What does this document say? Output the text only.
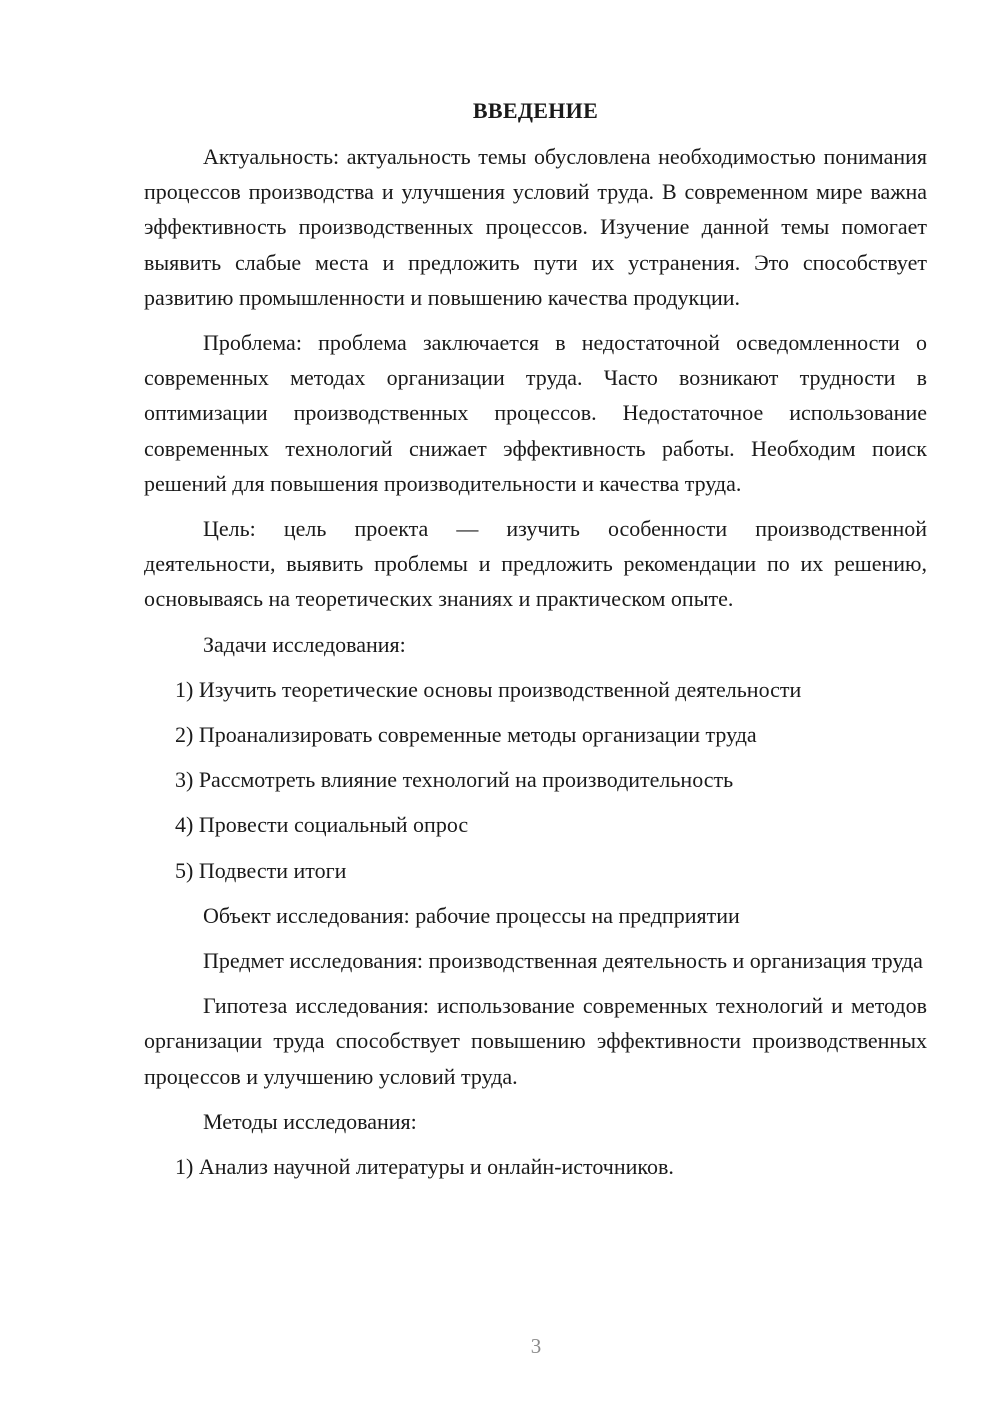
ВВЕДЕНИЕ

Актуальность: актуальность темы обусловлена необходимостью понимания процессов производства и улучшения условий труда. В современном мире важна эффективность производственных процессов. Изучение данной темы помогает выявить слабые места и предложить пути их устранения. Это способствует развитию промышленности и повышению качества продукции.

Проблема: проблема заключается в недостаточной осведомленности о современных методах организации труда. Часто возникают трудности в оптимизации производственных процессов. Недостаточное использование современных технологий снижает эффективность работы. Необходим поиск решений для повышения производительности и качества труда.

Цель: цель проекта — изучить особенности производственной деятельности, выявить проблемы и предложить рекомендации по их решению, основываясь на теоретических знаниях и практическом опыте.

Задачи исследования:

1) Изучить теоретические основы производственной деятельности

2) Проанализировать современные методы организации труда

3) Рассмотреть влияние технологий на производительность

4) Провести социальный опрос

5) Подвести итоги

Объект исследования: рабочие процессы на предприятии

Предмет исследования: производственная деятельность и организация труда

Гипотеза исследования: использование современных технологий и методов организации труда способствует повышению эффективности производственных процессов и улучшению условий труда.

Методы исследования:

1) Анализ научной литературы и онлайн-источников.

3
